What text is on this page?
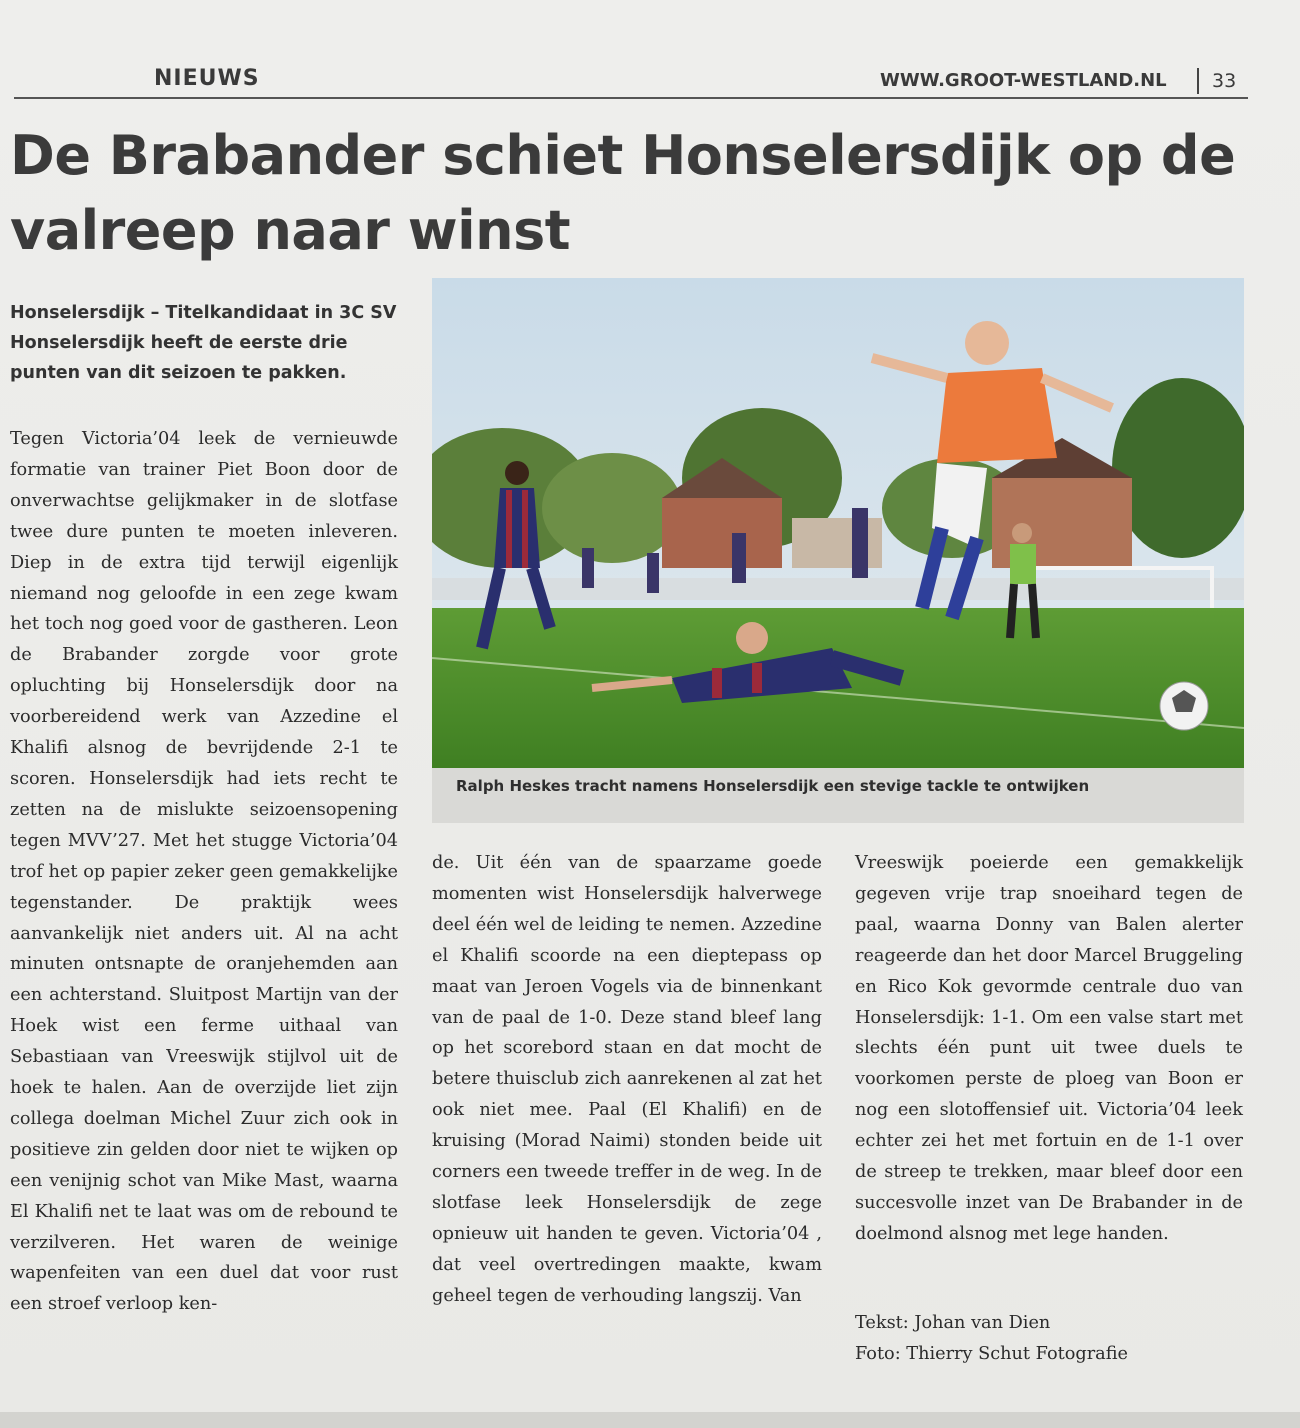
NIEUWS	WWW.GROOT-WESTLAND.NL 33
De Brabander schiet Honselersdijk op de valreep naar winst
Honselersdijk – Titelkandidaat in 3C SV Honselersdijk heeft de eerste drie punten van dit seizoen te pakken.
Tegen Victoria’04 leek de vernieuwde formatie van trainer Piet Boon door de onverwachtse gelijkmaker in de slotfase twee dure punten te moeten inleveren. Diep in de extra tijd terwijl eigenlijk niemand nog geloofde in een zege kwam het toch nog goed voor de gastheren. Leon de Brabander zorgde voor grote opluchting bij Honselersdijk door na voorbereidend werk van Azzedine el Khalifi alsnog de bevrijdende 2-1 te scoren. Honselersdijk had iets recht te zetten na de mislukte seizoensopening tegen MVV’27. Met het stugge Victoria’04 trof het op papier zeker geen gemakkelijke tegenstander. De praktijk wees aanvankelijk niet anders uit. Al na acht minuten ontsnapte de oranjehemden aan een achterstand. Sluitpost Martijn van der Hoek wist een ferme uithaal van Sebastiaan van Vreeswijk stijlvol uit de hoek te halen. Aan de overzijde liet zijn collega doelman Michel Zuur zich ook in positieve zin gelden door niet te wijken op een venijnig schot van Mike Mast, waarna El Khalifi net te laat was om de rebound te verzilveren. Het waren de weinige wapenfeiten van een duel dat voor rust een stroef verloop ken-
Ralph Heskes tracht namens Honselersdijk een stevige tackle te ontwijken
de. Uit één van de spaarzame goede momenten wist Honselersdijk halverwege deel één wel de leiding te nemen. Azzedine el Khalifi scoorde na een dieptepass op maat van Jeroen Vogels via de binnenkant van de paal de 1-0. Deze stand bleef lang op het scorebord staan en dat mocht de betere thuisclub zich aanrekenen al zat het ook niet mee. Paal (El Khalifi) en de kruising (Morad Naimi) stonden beide uit corners een tweede treffer in de weg. In de slotfase leek Honselersdijk de zege opnieuw uit handen te geven. Victoria’04 , dat veel overtredingen maakte, kwam geheel tegen de verhouding langszij. Van
Vreeswijk poeierde een gemakkelijk gegeven vrije trap snoeihard tegen de paal, waarna Donny van Balen alerter reageerde dan het door Marcel Bruggeling en Rico Kok gevormde centrale duo van Honselersdijk: 1-1. Om een valse start met slechts één punt uit twee duels te voorkomen perste de ploeg van Boon er nog een slotoffensief uit. Victoria’04 leek echter zei het met fortuin en de 1-1 over de streep te trekken, maar bleef door een succesvolle inzet van De Brabander in de doelmond alsnog met lege handen.
Tekst: Johan van Dien
Foto: Thierry Schut Fotografie
